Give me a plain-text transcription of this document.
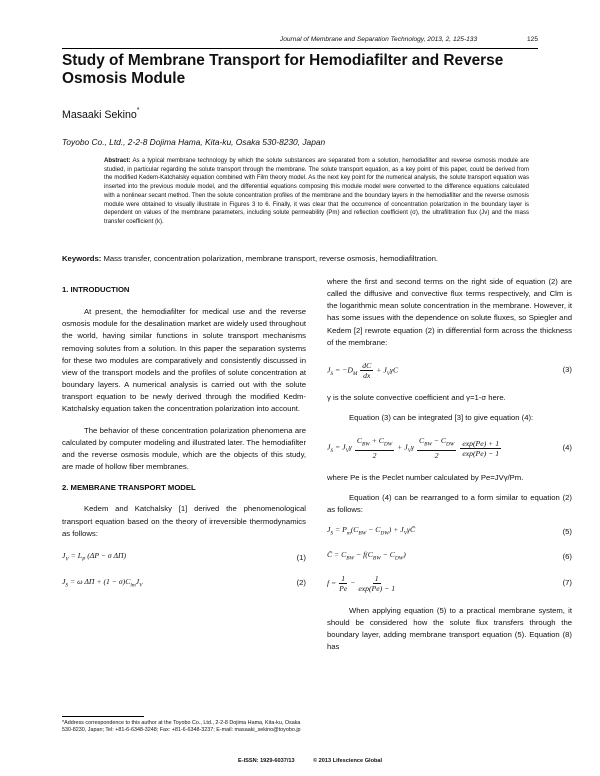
Journal of Membrane and Separation Technology, 2013, 2, 125-133	125
Study of Membrane Transport for Hemodiafilter and Reverse Osmosis Module
Masaaki Sekino*
Toyobo Co., Ltd., 2-2-8 Dojima Hama, Kita-ku, Osaka 530-8230, Japan
Abstract: As a typical membrane technology by which the solute substances are separated from a solution, hemodiafilter and reverse osmosis module are studied, in particular regarding the solute transport through the membrane. The solute transport equation, as a key point of this paper, could be derived from the modified Kedem-Katchalsky equation combined with Film theory model. As the next key point for the numerical analysis, the solute transport equation was inserted into the previous module model, and the differential equations composing this module model were converted to the difference equations calculated with a nonlinear secant method. Then the solute concentration profiles of the membrane and the boundary layers in the hemodiafilter and the reverse osmosis module were obtained to visually illustrate in Figures 3 to 6. Finally, it was clear that the occurrence of concentration polarization in the boundary layer is dependent on values of the membrane parameters, including solute permeability (Pm) and reflection coefficient (σ), the ultrafiltration flux (Jv) and the mass transfer coefficient (k).
Keywords: Mass transfer, concentration polarization, membrane transport, reverse osmosis, hemodiafiltration.
1. INTRODUCTION

At present, the hemodiafilter for medical use and the reverse osmosis module for the desalination market are widely used throughout the world, having similar functions in solute transport mechanisms removing solutes from a solution. In this paper the separation systems for these two modules are comparatively and consistently discussed in view of the transport models and the profiles of solute concentration at boundary layers. A numerical analysis is carried out with the solute transport equation to be newly derived through the modified Kedm-Katchalsky equation taken the concentration polarization into account.

The behavior of these concentration polarization phenomena are calculated by computer modeling and illustrated later. The hemodiafilter and the reverse osmosis module, which are the objects of this study, are made of hollow fiber membranes.

2. MEMBRANE TRANSPORT MODEL

Kedem and Katchalsky [1] derived the phenomenological transport equation based on the theory of irreversible thermodynamics as follows:

$J_V = L_P$ (ΔP − σ ΔΠ)	(1)
$J_S = \omega$ $\Delta\Pi + (1 - \sigma)C_{lm}J_V$	(2)

where the first and second terms on the right side of equation (2) are called the diffusive and convective flux terms respectively, and Clm is the logarithmic mean solute concentration in the membrane. However, it has some issues with the dependence on solute fluxes, so Spiegler and Kedem [2] rewrote equation (2) in differential form across the thickness of the membrane:

$J_S = -D_M \frac{dC}{dx} + J_V\gamma C$	(3)

γ is the solute convective coefficient and γ=1-σ here.

Equation (3) can be integrated [3] to give equation (4):

$J_S = J_V\gamma \frac{C_{BW} + C_{DW}}{2} + J_V\gamma \frac{C_{BW} - C_{DW}}{2}$
$\frac{\exp(Pe) + 1}{\exp(Pe) - 1}$	(4)

where Pe is the Peclet number calculated by Pe=JVγ/Pm.

Equation (4) can be rearranged to a form similar to equation (2) as follows:

$J_S = P_m(C_{BW} - C_{DW})$ + $J_V\gamma C̄$	(5)
C̄ = $C_{BW} - f(C_{BW} - C_{DW})$	(6)
$f = \frac{1}{Pe} - \frac{1}{\exp(Pe) - 1}$	(7)

When applying equation (5) to a practical membrane system, it should be considered how the solute flux transfers through the boundary layer, adding membrane transport equation (5). Equation (8) has

*Address correspondence to this author at the Toyobo Co., Ltd., 2-2-8 Dojima Hama, Kita-ku, Osaka 530-8230, Japan; Tel: +81-6-6348-3248; Fax: +81-6-6348-3237; E-mail: masaaki_sekino@toyobo.jp
E-ISSN: 1929-6037/13	© 2013 Lifescience Global
